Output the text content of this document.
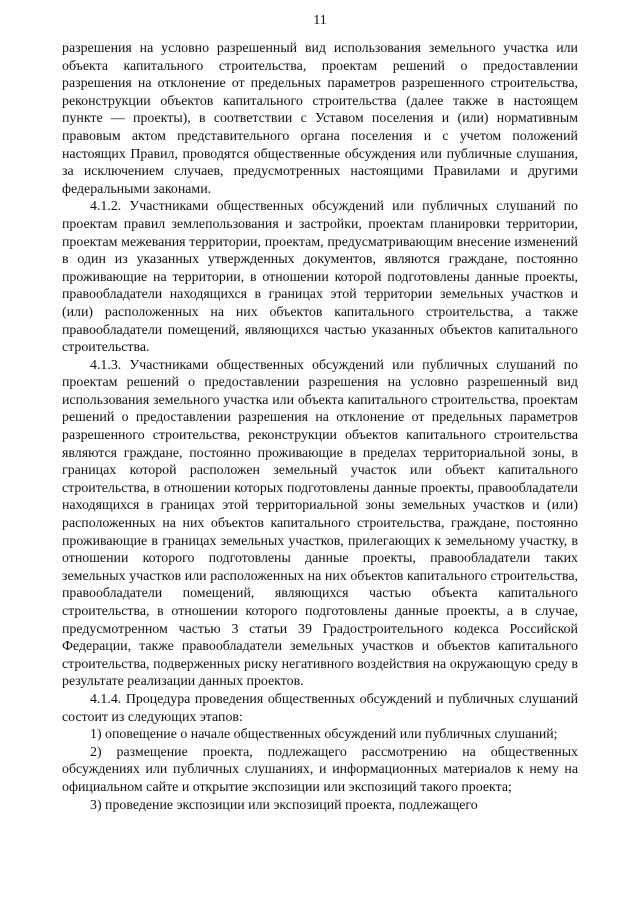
11

разрешения на условно разрешенный вид использования земельного участка или объекта капитального строительства, проектам решений о предоставлении разрешения на отклонение от предельных параметров разрешенного строительства, реконструкции объектов капитального строительства (далее также в настоящем пункте — проекты), в соответствии с Уставом поселения и (или) нормативным правовым актом представительного органа поселения и с учетом положений настоящих Правил, проводятся общественные обсуждения или публичные слушания, за исключением случаев, предусмотренных настоящими Правилами и другими федеральными законами.

4.1.2. Участниками общественных обсуждений или публичных слушаний по проектам правил землепользования и застройки, проектам планировки территории, проектам межевания территории, проектам, предусматривающим внесение изменений в один из указанных утвержденных документов, являются граждане, постоянно проживающие на территории, в отношении которой подготовлены данные проекты, правообладатели находящихся в границах этой территории земельных участков и (или) расположенных на них объектов капитального строительства, а также правообладатели помещений, являющихся частью указанных объектов капитального строительства.

4.1.3. Участниками общественных обсуждений или публичных слушаний по проектам решений о предоставлении разрешения на условно разрешенный вид использования земельного участка или объекта капитального строительства, проектам решений о предоставлении разрешения на отклонение от предельных параметров разрешенного строительства, реконструкции объектов капитального строительства являются граждане, постоянно проживающие в пределах территориальной зоны, в границах которой расположен земельный участок или объект капитального строительства, в отношении которых подготовлены данные проекты, правообладатели находящихся в границах этой территориальной зоны земельных участков и (или) расположенных на них объектов капитального строительства, граждане, постоянно проживающие в границах земельных участков, прилегающих к земельному участку, в отношении которого подготовлены данные проекты, правообладатели таких земельных участков или расположенных на них объектов капитального строительства, правообладатели помещений, являющихся частью объекта капитального строительства, в отношении которого подготовлены данные проекты, а в случае, предусмотренном частью 3 статьи 39 Градостроительного кодекса Российской Федерации, также правообладатели земельных участков и объектов капитального строительства, подверженных риску негативного воздействия на окружающую среду в результате реализации данных проектов.

4.1.4. Процедура проведения общественных обсуждений и публичных слушаний состоит из следующих этапов:

1) оповещение о начале общественных обсуждений или публичных слушаний;

2) размещение проекта, подлежащего рассмотрению на общественных обсуждениях или публичных слушаниях, и информационных материалов к нему на официальном сайте и открытие экспозиции или экспозиций такого проекта;

3) проведение экспозиции или экспозиций проекта, подлежащего
